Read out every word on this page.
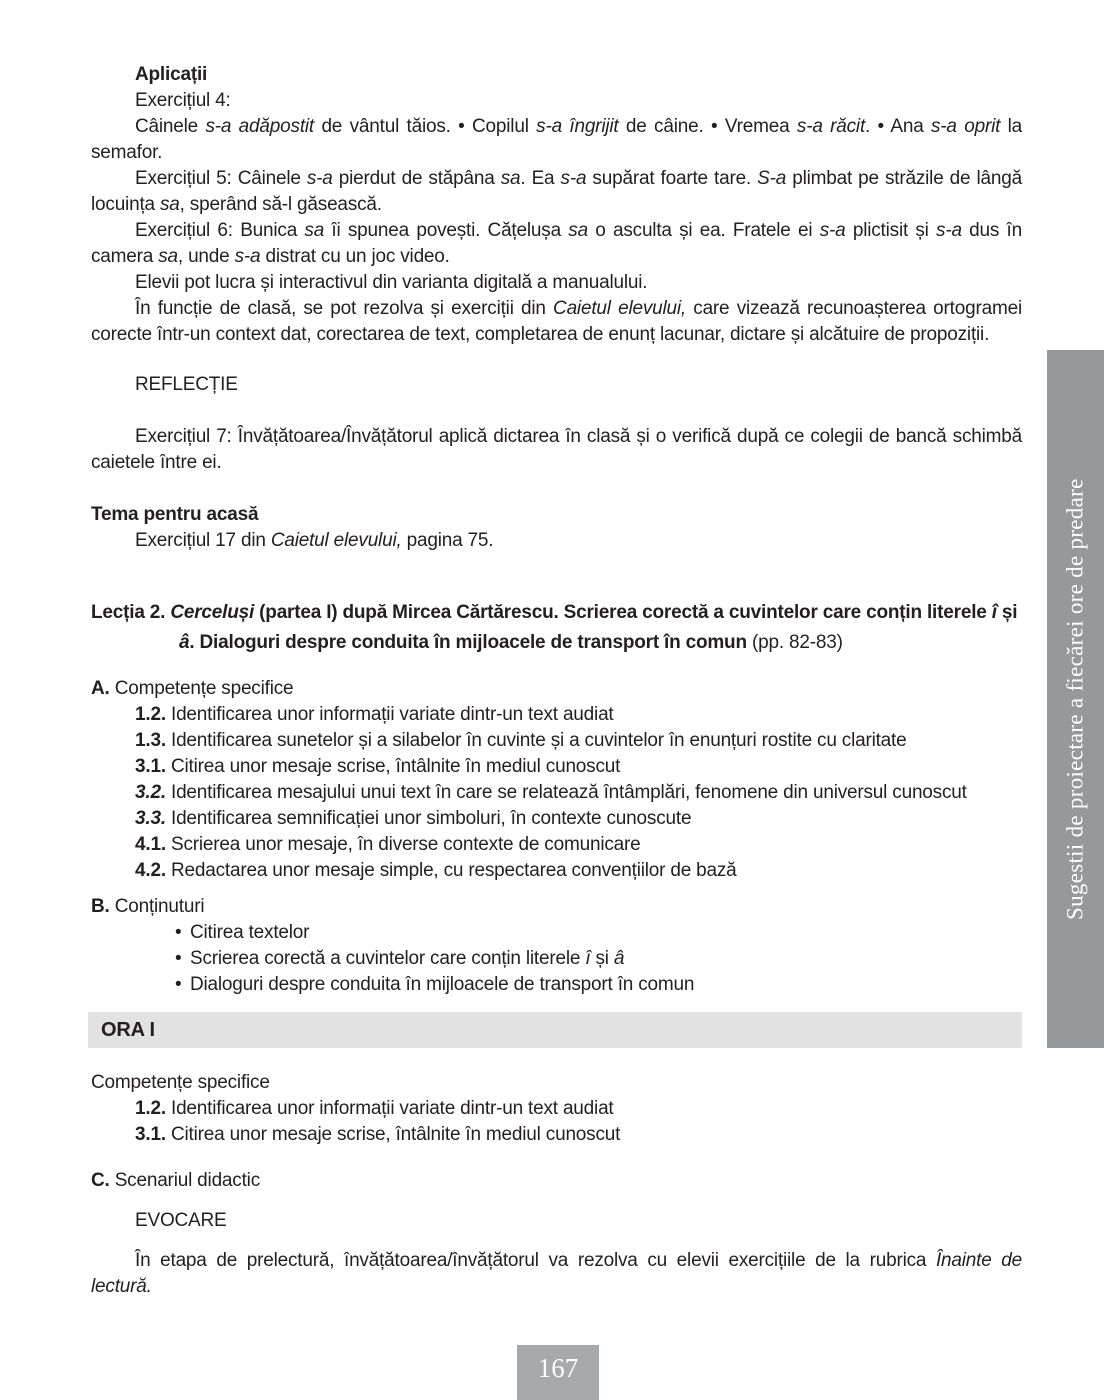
Aplicații

Exercițiul 4:

Câinele s-a adăpostit de vântul tăios. • Copilul s-a îngrijit de câine. • Vremea s-a răcit. • Ana s-a oprit la semafor.

Exercițiul 5: Câinele s-a pierdut de stăpâna sa. Ea s-a supărat foarte tare. S-a plimbat pe străzile de lângă locuința sa, sperând să-l găsească.

Exercițiul 6: Bunica sa îi spunea povești. Cățelușa sa o asculta și ea. Fratele ei s-a plictisit și s-a dus în camera sa, unde s-a distrat cu un joc video.

Elevii pot lucra și interactivul din varianta digitală a manualului.

În funcție de clasă, se pot rezolva și exerciții din Caietul elevului, care vizează recunoașterea ortogramei corecte într-un context dat, corectarea de text, completarea de enunț lacunar, dictare și alcătuire de propoziții.

REFLECȚIE

Exercițiul 7: Învățătoarea/Învățătorul aplică dictarea în clasă și o verifică după ce colegii de bancă schimbă caietele între ei.

Tema pentru acasă

Exercițiul 17 din Caietul elevului, pagina 75.

Lecția 2. Cerceluși (partea I) după Mircea Cărtărescu. Scrierea corectă a cuvintelor care conțin literele î și â. Dialoguri despre conduita în mijloacele de transport în comun (pp. 82-83)

A. Competențe specifice

1.2. Identificarea unor informații variate dintr-un text audiat

1.3. Identificarea sunetelor și a silabelor în cuvinte și a cuvintelor în enunțuri rostite cu claritate

3.1. Citirea unor mesaje scrise, întâlnite în mediul cunoscut

3.2. Identificarea mesajului unui text în care se relatează întâmplări, fenomene din universul cunoscut

3.3. Identificarea semnificației unor simboluri, în contexte cunoscute

4.1. Scrierea unor mesaje, în diverse contexte de comunicare

4.2. Redactarea unor mesaje simple, cu respectarea convențiilor de bază

B. Conținuturi

• Citirea textelor

• Scrierea corectă a cuvintelor care conțin literele î și â

• Dialoguri despre conduita în mijloacele de transport în comun

ORA I

Competențe specifice

1.2. Identificarea unor informații variate dintr-un text audiat

3.1. Citirea unor mesaje scrise, întâlnite în mediul cunoscut

C. Scenariul didactic

EVOCARE

În etapa de prelectură, învățătoarea/învățătorul va rezolva cu elevii exercițiile de la rubrica Înainte de lectură.

Sugestii de proiectare a fiecărei ore de predare
167
